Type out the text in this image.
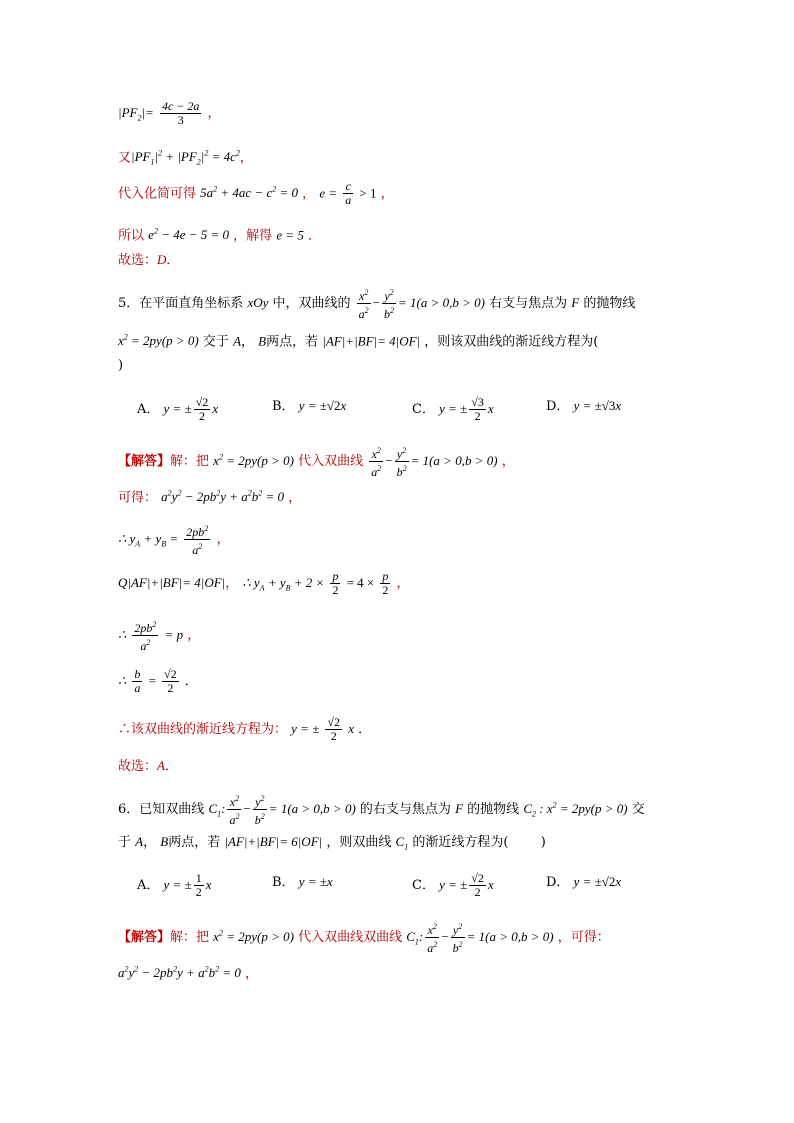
$|PF_2|= \frac{4c - 2a}{3}$ ，
又$|PF_1|^2 + |PF_2|^2 = 4c^2$，
代入化简可得 $5a^2 + 4ac - c^2 = 0$ ， $e = \frac{c}{a} > 1$ ，
所以 $e^2 - 4e - 5 = 0$ ，解得 e = 5 ．
故选：D．
5．在平面直角坐标系 xOy 中，双曲线的 $\frac{x^2}{a^2} - \frac{y^2}{b^2} = 1(a > 0,b > 0)$ 右支与焦点为 F 的抛物线
$x^2 = 2py(p > 0)$ 交于 A， B两点，若 |AF|+|BF|= 4|OF| ，则该双曲线的渐近线方程为(
)
A． y = ± $\frac{√2}{2}$ x	B． y = ±√2x	C． y = ± $\frac{√3}{2}$ x	D． y = ±√3x
【解答】解：把 $x^2 = 2py(p > 0)$ 代入双曲线 $\frac{x^2}{a^2} - \frac{y^2}{b^2} = 1(a > 0,b > 0)$ ，
可得： $a^2y^2 - 2pb^2y + a^2b^2 = 0$ ，
∴ $y_A + y_B = \frac{2pb^2}{a^2}$ ，
Q|AF|+|BF|= 4|OF|， ∴ $y_A + y_B + 2 \times \frac{p}{2} = 4 \times \frac{p}{2}$ ，
∴ $\frac{2pb^2}{a^2} = p$ ，
∴ $\frac{b}{a} = \frac{√2}{2}$ ．
∴该双曲线的渐近线方程为： y = ± $\frac{√2}{2}$ x ．
故选：A．
6．已知双曲线 $C_1$: $\frac{x^2}{a^2} - \frac{y^2}{b^2} = 1(a > 0,b > 0)$ 的右支与焦点为 F 的抛物线 $C_2$ : $x^2 = 2py(p > 0)$ 交
于 A， B两点，若 |AF|+|BF|= 6|OF| ，则双曲线 $C_1$ 的渐近线方程为( )
A． y = ± $\frac{1}{2}$ x	B． y = ±x	C． y = ± $\frac{√2}{2}$ x	D． y = ±√2x
【解答】解：把 $x^2 = 2py(p > 0)$ 代入双曲线双曲线 $C_1$: $\frac{x^2}{a^2} - \frac{y^2}{b^2} = 1(a > 0,b > 0)$ ，可得：
$a^2y^2 - 2pb^2y + a^2b^2 = 0$ ，
